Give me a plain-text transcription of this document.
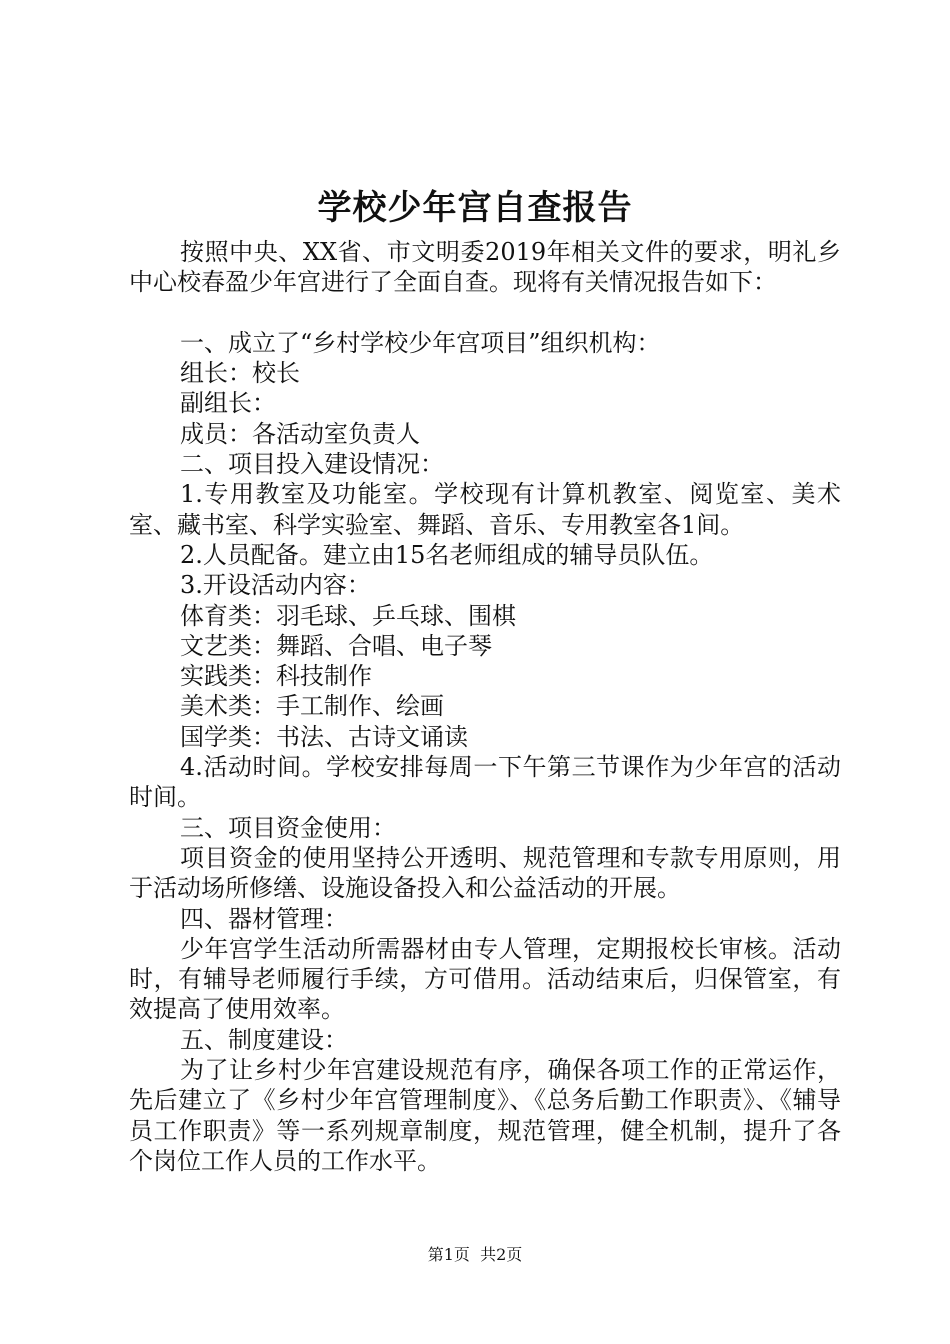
学校少年宫自查报告

按照中央、XX省、市文明委2019年相关文件的要求，明礼乡中心校春盈少年宫进行了全面自查。现将有关情况报告如下：

一、成立了“乡村学校少年宫项目”组织机构：

组长：校长

副组长：

成员：各活动室负责人

二、项目投入建设情况：

1.专用教室及功能室。学校现有计算机教室、阅览室、美术室、藏书室、科学实验室、舞蹈、音乐、专用教室各1间。

2.人员配备。建立由15名老师组成的辅导员队伍。

3.开设活动内容：

体育类：羽毛球、乒乓球、围棋

文艺类：舞蹈、合唱、电子琴

实践类：科技制作

美术类：手工制作、绘画

国学类：书法、古诗文诵读

4.活动时间。学校安排每周一下午第三节课作为少年宫的活动时间。

三、项目资金使用：

项目资金的使用坚持公开透明、规范管理和专款专用原则，用于活动场所修缮、设施设备投入和公益活动的开展。

四、器材管理：

少年宫学生活动所需器材由专人管理，定期报校长审核。活动时，有辅导老师履行手续，方可借用。活动结束后，归保管室，有效提高了使用效率。

五、制度建设：

为了让乡村少年宫建设规范有序，确保各项工作的正常运作，先后建立了《乡村少年宫管理制度》、《总务后勤工作职责》、《辅导员工作职责》等一系列规章制度，规范管理，健全机制，提升了各个岗位工作人员的工作水平。

第1页  共2页
